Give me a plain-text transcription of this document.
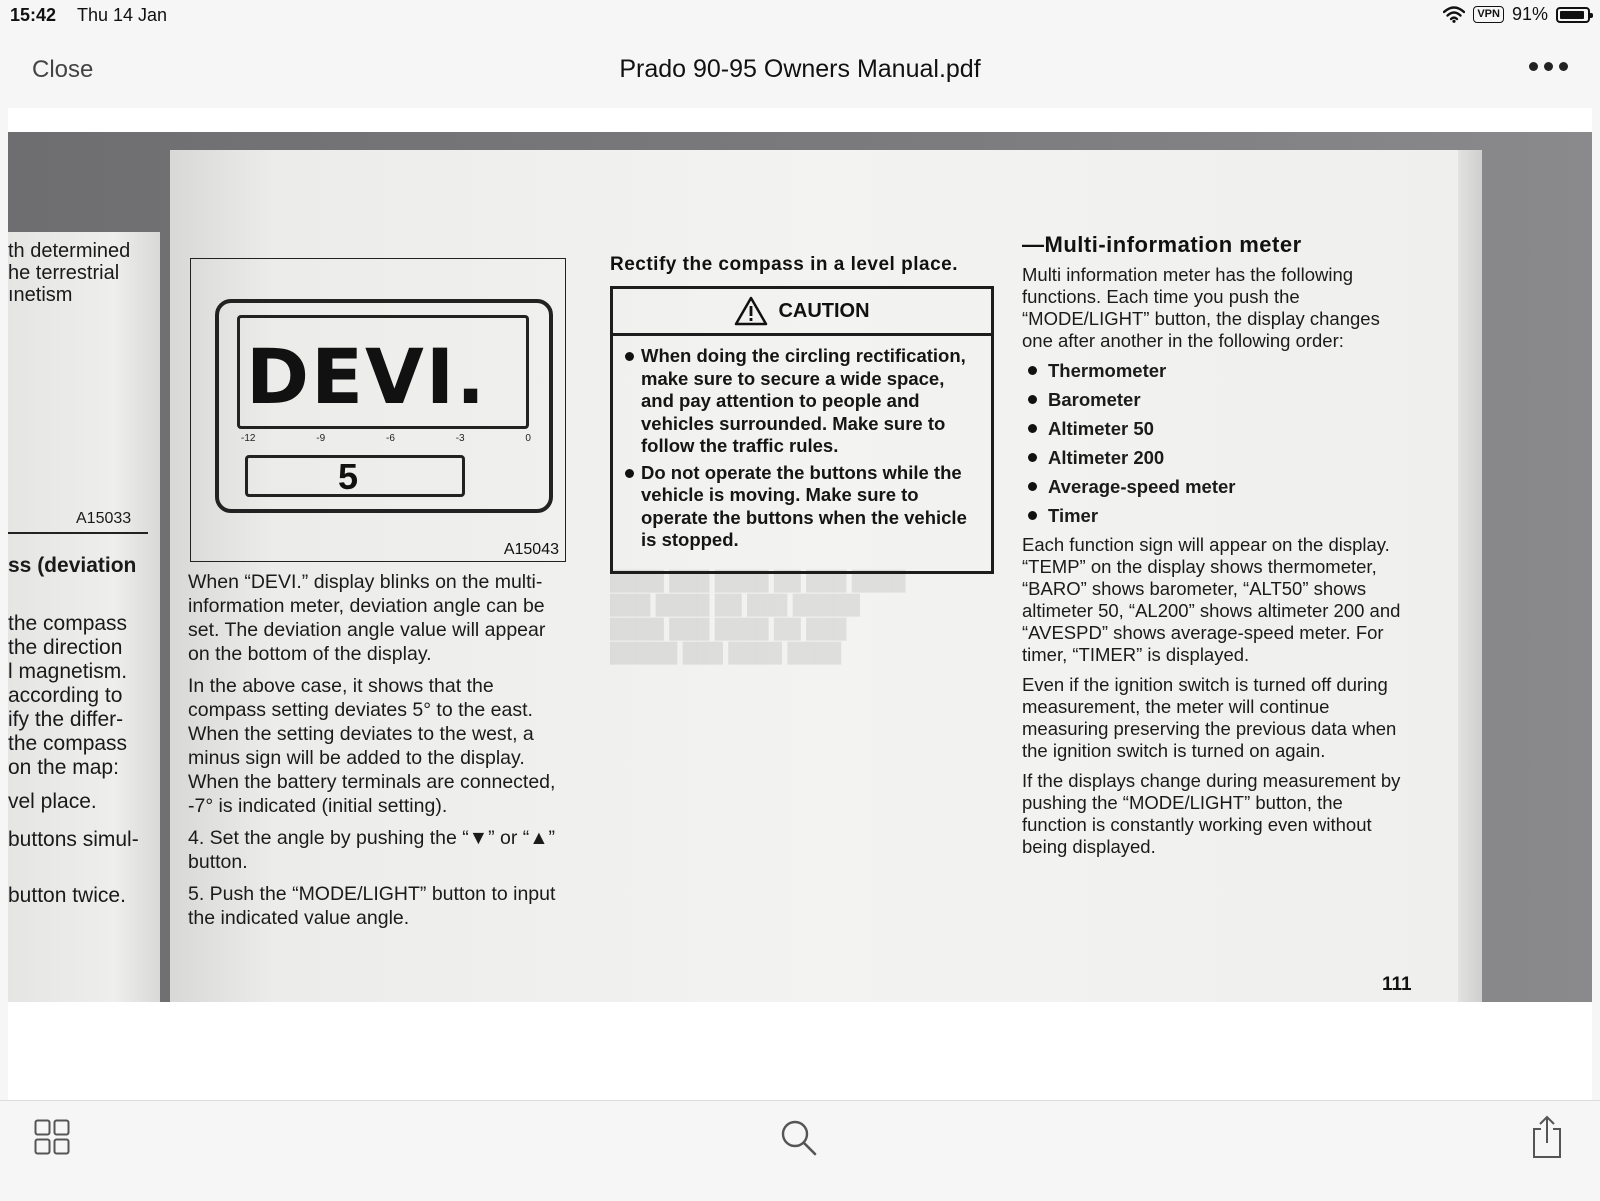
15:42 Thu 14 Jan	VPN 91%
Close	Prado 90-95 Owners Manual.pdf
th determined
he terrestrial
ınetism
A15033
ss (deviation
the compass
the direction
l magnetism.
according to
ify the differ-
the compass
on the map:
vel place.
buttons simul-
button twice.
DEVI.
-12	-9	-6	-3	0
5
A15043

When “DEVI.” display blinks on the multi-information meter, deviation angle can be set. The deviation angle value will appear on the bottom of the display.

In the above case, it shows that the compass setting deviates 5° to the east. When the setting deviates to the west, a minus sign will be added to the display. When the battery terminals are connected, -7° is indicated (initial setting).

4. Set the angle by pushing the “▼” or “▲” button.

5. Push the “MODE/LIGHT” button to input the indicated value angle.

████ ███ ████ ██ ███ ████
███ ████ ██ ███ █████
████ ███ ████ ██ ███
█████ ███ ████ ████
Rectify the compass in a level place.
CAUTION
When doing the circling rectification, make sure to secure a wide space, and pay attention to people and vehicles surrounded. Make sure to follow the traffic rules.
Do not operate the buttons while the vehicle is moving. Make sure to operate the buttons when the vehicle is stopped.
—Multi-information meter

Multi information meter has the following functions. Each time you push the “MODE/LIGHT” button, the display changes one after another in the following order:

Thermometer
Barometer
Altimeter 50
Altimeter 200
Average-speed meter
Timer

Each function sign will appear on the display. “TEMP” on the display shows thermometer, “BARO” shows barometer, “ALT50” shows altimeter 50, “AL200” shows altimeter 200 and “AVESPD” shows average-speed meter. For timer, “TIMER” is displayed.

Even if the ignition switch is turned off during measurement, the meter will continue measuring preserving the previous data when the ignition switch is turned on again.

If the displays change during measurement by pushing the “MODE/LIGHT” button, the function is constantly working even without being displayed.

111
